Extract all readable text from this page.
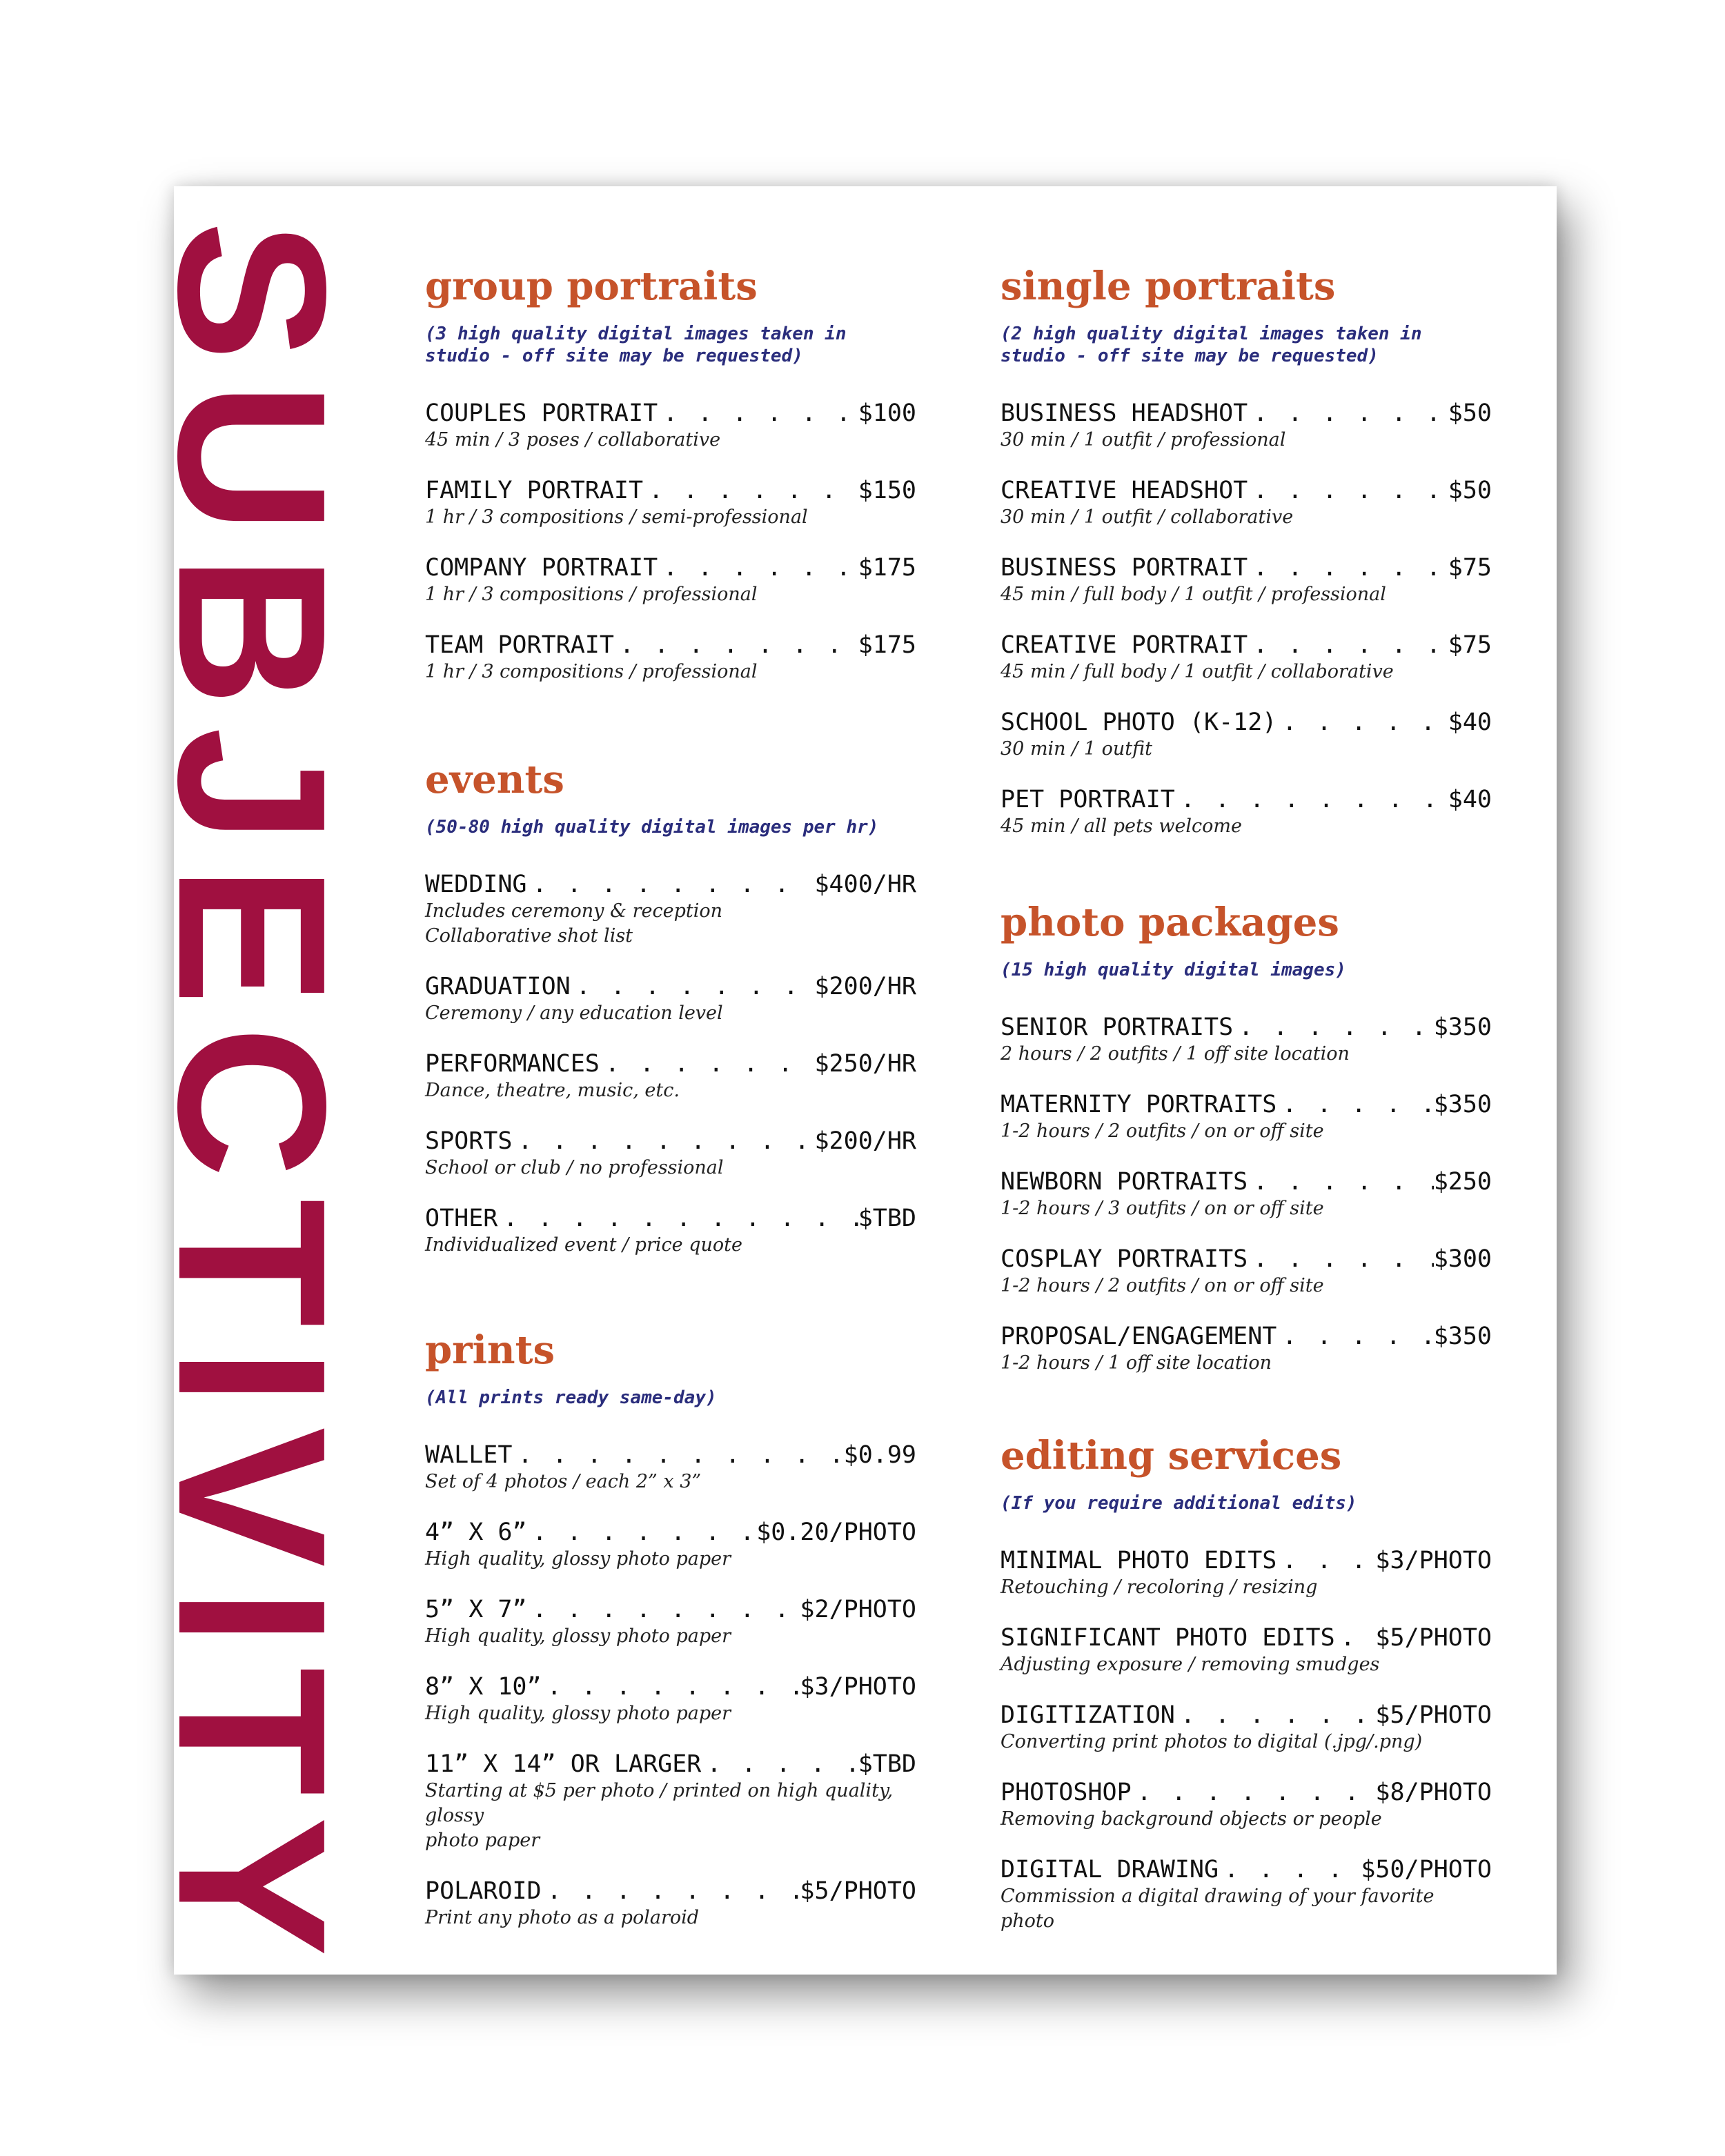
SUBJECTIVITY group portraits

(3 high quality digital images taken in studio - off site may be requested)

COUPLES PORTRAIT . . .	$100

45 min / 3 poses / collaborative

FAMILY PORTRAIT . . .	$150

1 hr / 3 compositions / semi-professional

COMPANY PORTRAIT . . .	$175

1 hr / 3 compositions / professional

TEAM PORTRAIT . . .	$175

1 hr / 3 compositions / professional

events

(50-80 high quality digital images per hr)

WEDDING . . .	$400/HR

Includes ceremony & reception

Collaborative shot list

GRADUATION . . .	$200/HR

Ceremony / any education level

PERFORMANCES . . .	$250/HR

Dance, theatre, music, etc.

SPORTS . . .	$200/HR

School or club / no professional

OTHER . . .	$TBD

Individualized event / price quote

prints

(All prints ready same-day)

WALLET . . .	$0.99

Set of 4 photos / each 2” x 3”

4” X 6” . . .	$0.20/PHOTO

High quality, glossy photo paper

5” X 7” . . .	$2/PHOTO

High quality, glossy photo paper

8” X 10” . . .	$3/PHOTO

High quality, glossy photo paper

11” X 14” OR LARGER . . .	$TBD

Starting at $5 per photo / printed on high quality, glossy

photo paper

POLAROID . . .	$5/PHOTO

Print any photo as a polaroid

single portraits

(2 high quality digital images taken in studio - off site may be requested)

BUSINESS HEADSHOT . . .	$50

30 min / 1 outfit / professional

CREATIVE HEADSHOT . . .	$50

30 min / 1 outfit / collaborative

BUSINESS PORTRAIT . . .	$75

45 min / full body / 1 outfit / professional

CREATIVE PORTRAIT . . .	$75

45 min / full body / 1 outfit / collaborative

SCHOOL PHOTO (K-12) . . .	$40

30 min / 1 outfit

PET PORTRAIT . . .	$40

45 min / all pets welcome

photo packages

(15 high quality digital images)

SENIOR PORTRAITS . . .	$350

2 hours / 2 outfits / 1 off site location

MATERNITY PORTRAITS . . .	$350

1-2 hours / 2 outfits / on or off site

NEWBORN PORTRAITS . . .	$250

1-2 hours / 3 outfits / on or off site

COSPLAY PORTRAITS . . .	$300

1-2 hours / 2 outfits / on or off site

PROPOSAL/ENGAGEMENT . . .	$350

1-2 hours / 1 off site location

editing services

(If you require additional edits)

MINIMAL PHOTO EDITS . . .	$3/PHOTO

Retouching / recoloring / resizing

SIGNIFICANT PHOTO EDITS . . . $5/PHOTO

Adjusting exposure / removing smudges

DIGITIZATION . . .	$5/PHOTO

Converting print photos to digital (.jpg/.png)

PHOTOSHOP . . .	$8/PHOTO

Removing background objects or people

DIGITAL DRAWING . . .	$50/PHOTO

Commission a digital drawing of your favorite photo
